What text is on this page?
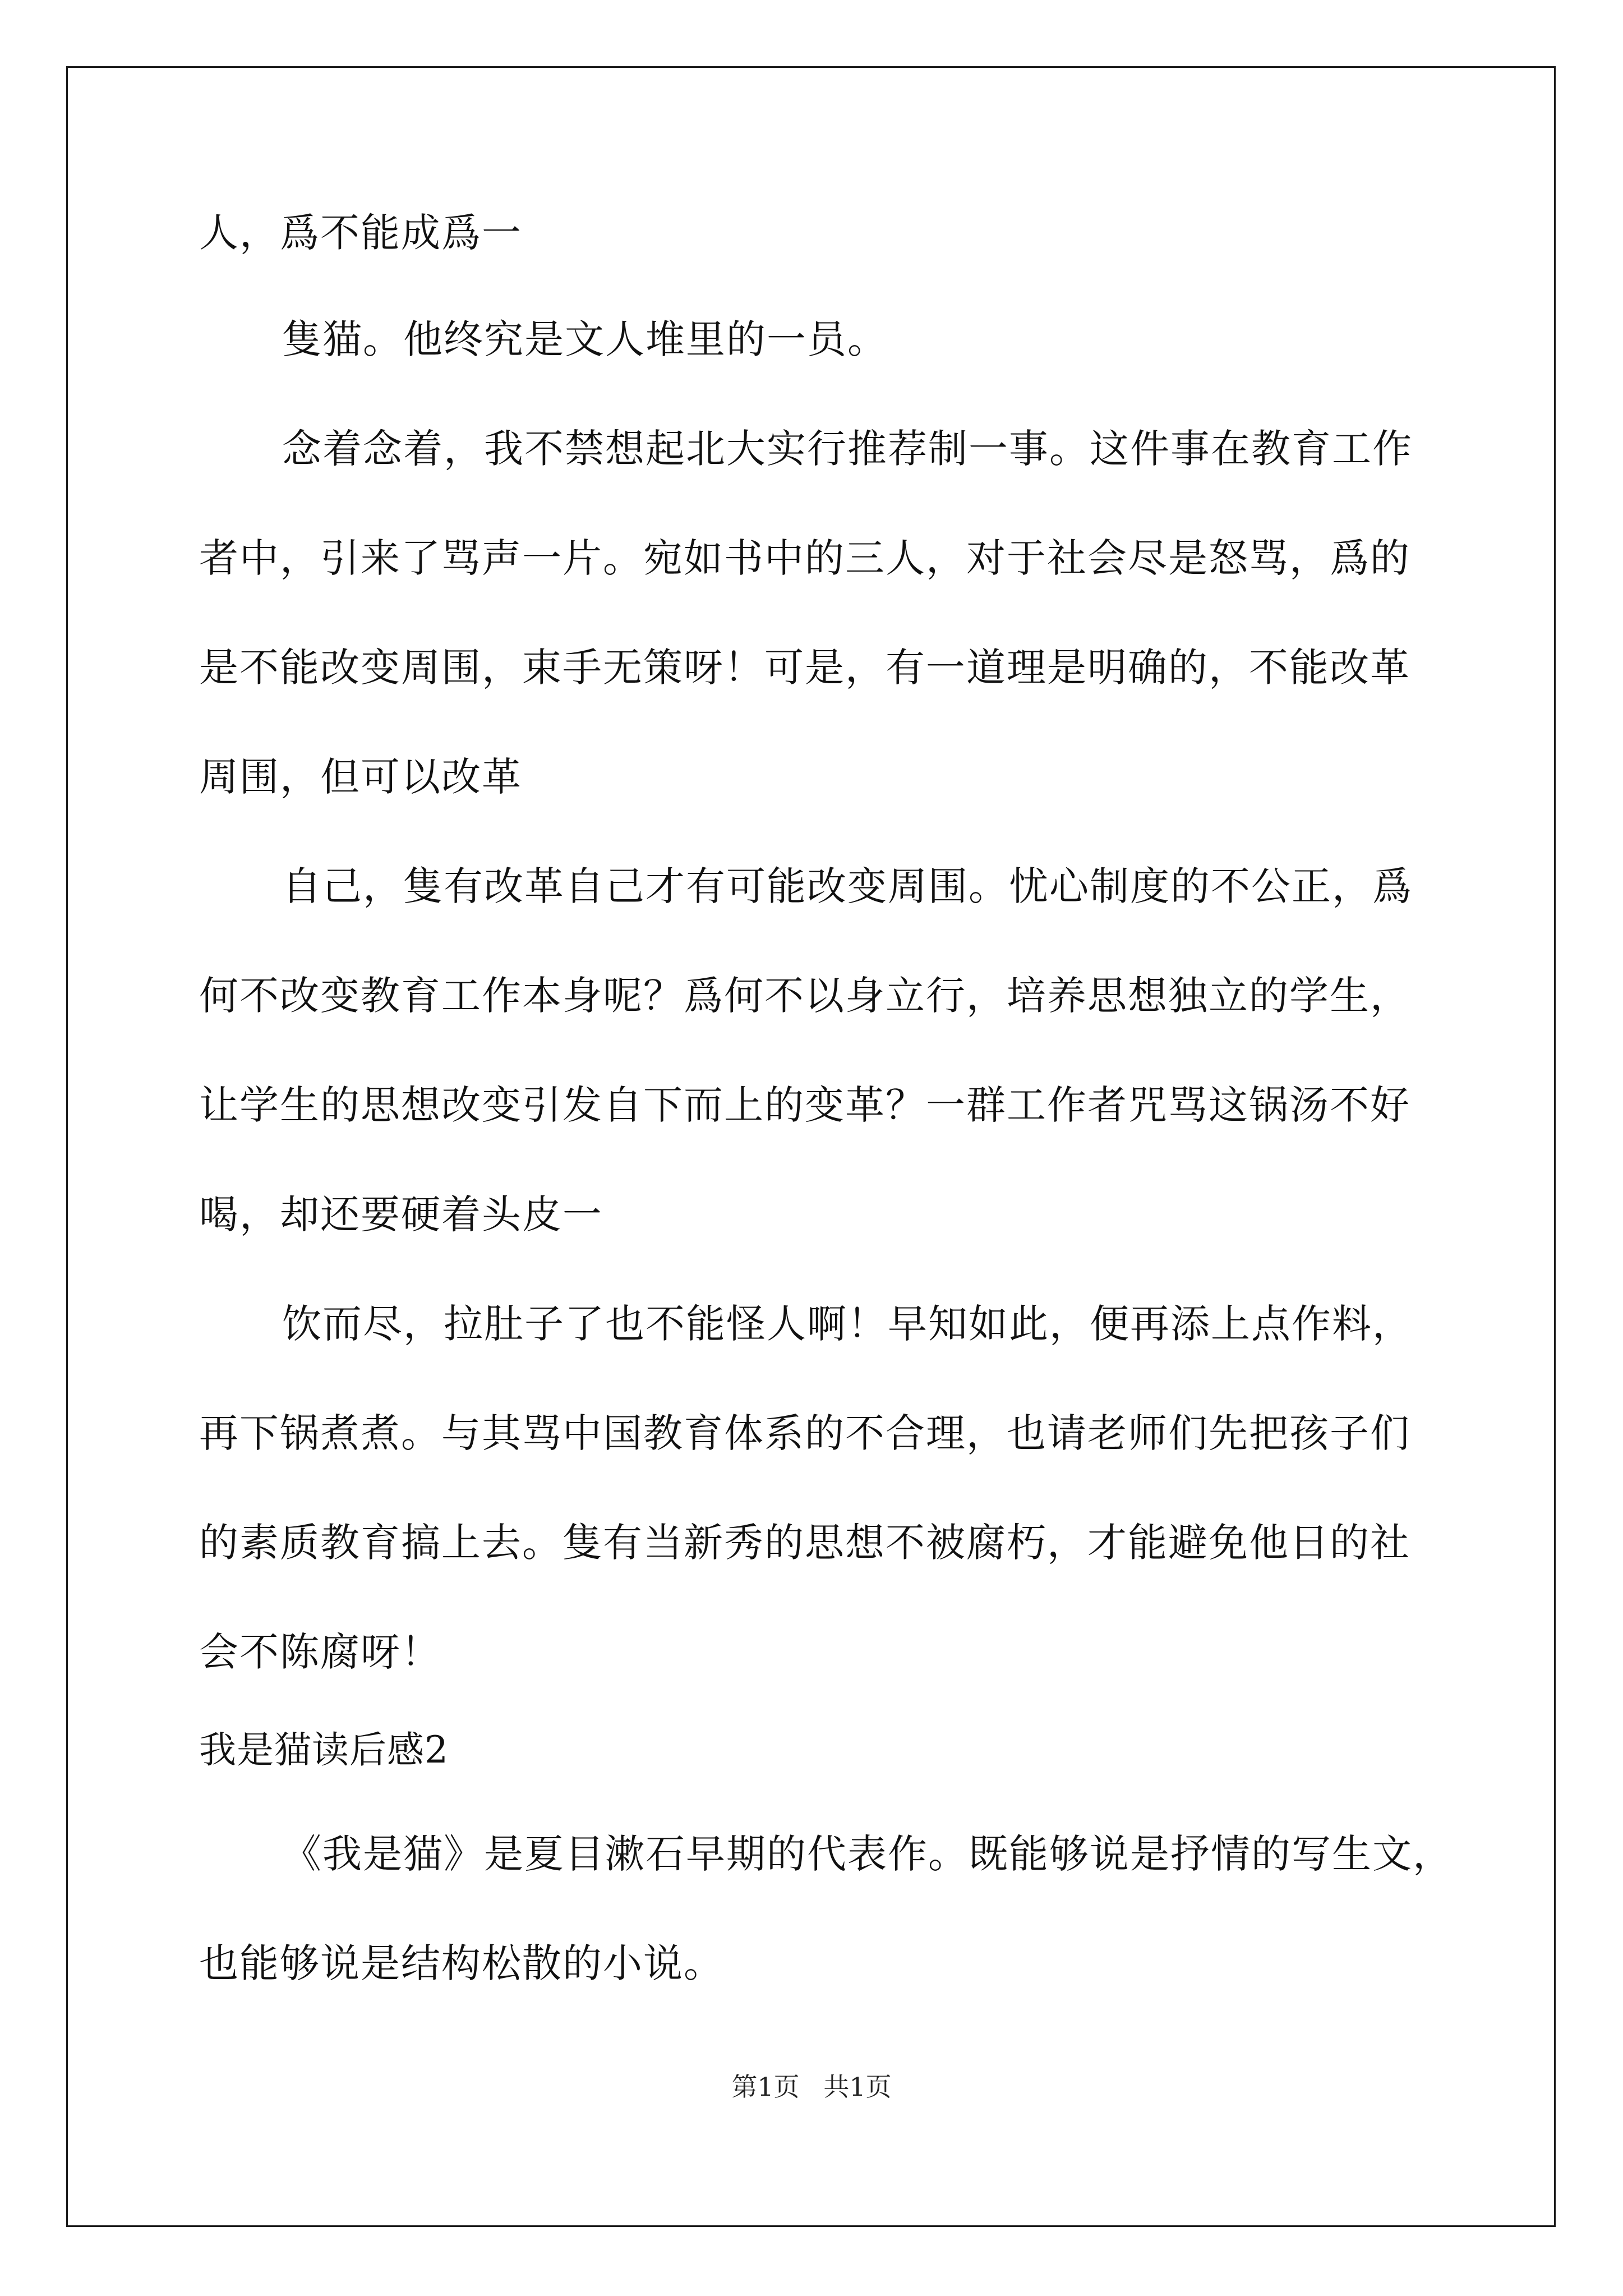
人，爲不能成爲一
隻猫。他终究是文人堆里的一员。
念着念着，我不禁想起北大实行推荐制一事。这件事在教育工作
者中，引来了骂声一片。宛如书中的三人，对于社会尽是怒骂，爲的
是不能改变周围，束手无策呀！可是，有一道理是明确的，不能改革
周围，但可以改革
自己，隻有改革自己才有可能改变周围。忧心制度的不公正，爲
何不改变教育工作本身呢？爲何不以身立行，培养思想独立的学生，
让学生的思想改变引发自下而上的变革？一群工作者咒骂这锅汤不好
喝，却还要硬着头皮一
饮而尽，拉肚子了也不能怪人啊！早知如此，便再添上点作料，
再下锅煮煮。与其骂中国教育体系的不合理，也请老师们先把孩子们
的素质教育搞上去。隻有当新秀的思想不被腐朽，才能避免他日的社
会不陈腐呀！
我是猫读后感2
《我是猫》是夏目漱石早期的代表作。既能够说是抒情的写生文，
也能够说是结构松散的小说。
第1页 共1页
